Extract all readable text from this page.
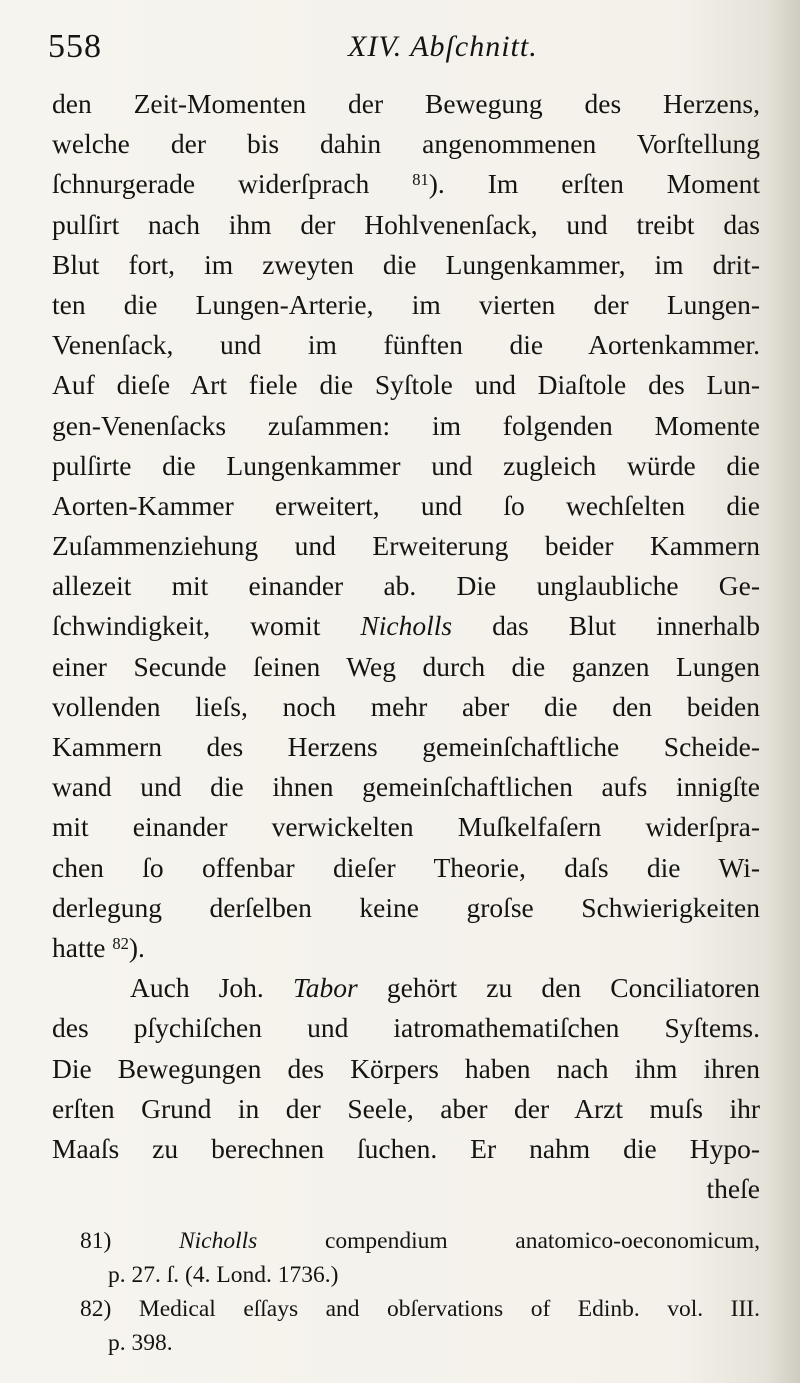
558	XIV. Abſchnitt.
den Zeit-Momenten der Bewegung des Herzens,
welche der bis dahin angenommenen Vorſtellung
ſchnurgerade widerſprach	$^{81}$). Im erſten Moment
pulſirt nach ihm der Hohlvenenſack, und treibt das
Blut fort, im zweyten die Lungenkammer, im drit-
ten die Lungen-Arterie, im vierten der Lungen-
Venenſack, und im fünften die Aortenkammer.
Auf dieſe Art fiele die Syſtole und Diaſtole des Lun-
gen-Venenſacks zuſammen: im folgenden Momente
pulſirte die Lungenkammer und zugleich würde die
Aorten-Kammer erweitert, und ſo wechſelten die
Zuſammenziehung und Erweiterung beider Kammern
allezeit mit einander ab. Die unglaubliche Ge-
ſchwindigkeit, womit Nicholls das Blut innerhalb
einer Secunde ſeinen Weg durch die ganzen Lungen
vollenden lieſs, noch mehr aber die den beiden
Kammern des Herzens gemeinſchaftliche Scheide-
wand und die ihnen gemeinſchaftlichen aufs innigſte
mit einander verwickelten Muſkelfaſern widerſpra-
chen ſo offenbar dieſer Theorie, daſs die Wi-
derlegung derſelben keine groſse Schwierigkeiten
hatte $^{82}$).
Auch Joh. Tabor gehört zu den Conciliatoren
des pſychiſchen und iatromathematiſchen Syſtems.
Die Bewegungen des Körpers haben nach ihm ihren
erſten Grund in der Seele, aber der Arzt muſs ihr
Maaſs zu berechnen ſuchen. Er nahm die Hypo-
theſe
81)	Nicholls	compendium anatomico-oeconomicum,
p. 27. ſ. (4. Lond. 1736.)
82) Medical eſſays and obſervations of Edinb. vol. III.
p. 398.
